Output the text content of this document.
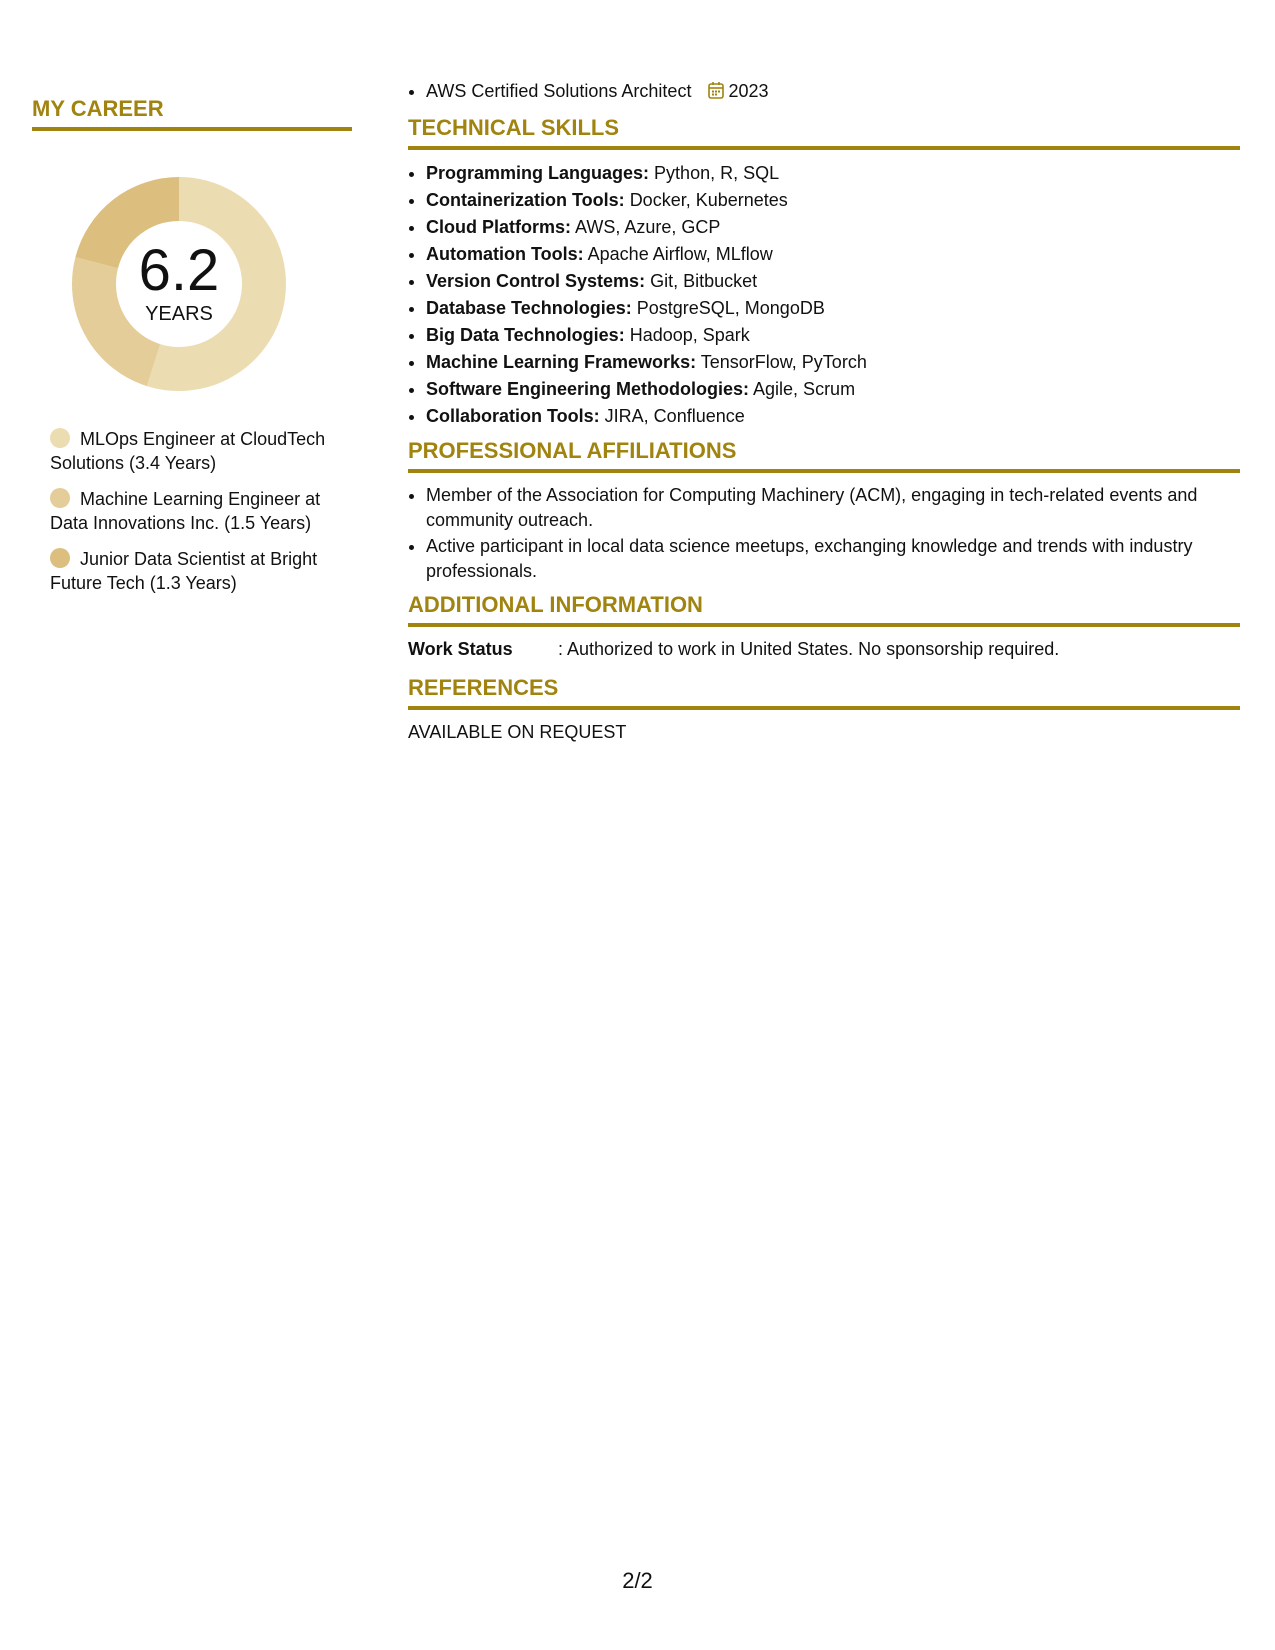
MY CAREER
6.2
YEARS
MLOps Engineer at CloudTech Solutions (3.4 Years)
Machine Learning Engineer at Data Innovations Inc. (1.5 Years)
Junior Data Scientist at Bright Future Tech (1.3 Years)
• AWS Certified Solutions Architect 2023
TECHNICAL SKILLS
• Programming Languages: Python, R, SQL
• Containerization Tools: Docker, Kubernetes
• Cloud Platforms: AWS, Azure, GCP
• Automation Tools: Apache Airflow, MLflow
• Version Control Systems: Git, Bitbucket
• Database Technologies: PostgreSQL, MongoDB
• Big Data Technologies: Hadoop, Spark
• Machine Learning Frameworks: TensorFlow, PyTorch
• Software Engineering Methodologies: Agile, Scrum
• Collaboration Tools: JIRA, Confluence
PROFESSIONAL AFFILIATIONS
• Member of the Association for Computing Machinery (ACM), engaging in tech-related events and community outreach.
• Active participant in local data science meetups, exchanging knowledge and trends with industry professionals.
ADDITIONAL INFORMATION
Work Status	: Authorized to work in United States. No sponsorship required.
REFERENCES
AVAILABLE ON REQUEST
2/2
